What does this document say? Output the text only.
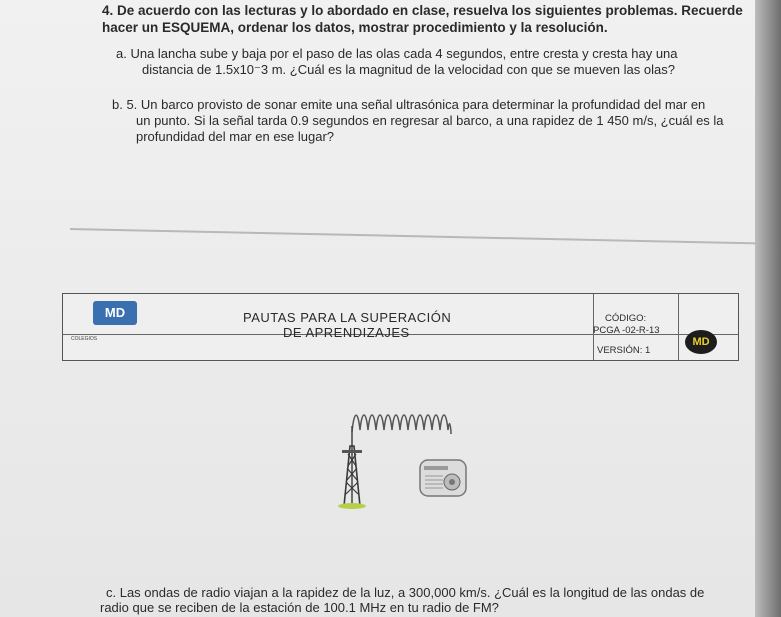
4. De acuerdo con las lecturas y lo abordado en clase, resuelva los siguientes problemas. Recuerde
hacer un ESQUEMA, ordenar los datos, mostrar procedimiento y la resolución.
a. Una lancha sube y baja por el paso de las olas cada 4 segundos, entre cresta y cresta hay una
distancia de 1.5x10⁻3 m. ¿Cuál es la magnitud de la velocidad con que se mueven las olas?
b. 5. Un barco provisto de sonar emite una señal ultrasónica para determinar la profundidad del mar en
un punto. Si la señal tarda 0.9 segundos en regresar al barco, a una rapidez de 1 450 m/s, ¿cuál es la
profundidad del mar en ese lugar?
MD
COLEGIOS
PAUTAS PARA LA SUPERACIÓN
DE APRENDIZAJES
CÓDIGO:
PCGA -02-R-13
VERSIÓN: 1
MD
c. Las ondas de radio viajan a la rapidez de la luz, a 300,000 km/s. ¿Cuál es la longitud de las ondas de
radio que se reciben de la estación de 100.1 MHz en tu radio de FM?
